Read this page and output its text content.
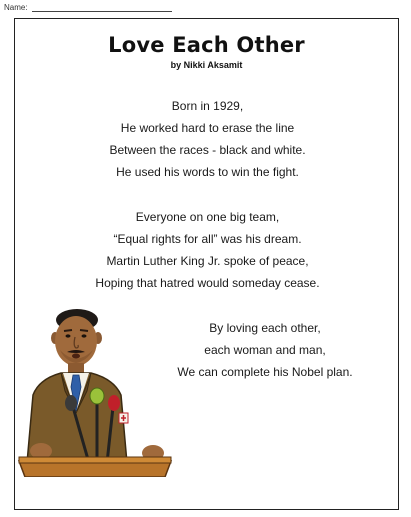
Name:
Love Each Other
by Nikki Aksamit
Born in 1929,
He worked hard to erase the line
Between the races - black and white.
He used his words to win the fight.
Everyone on one big team,
“Equal rights for all” was his dream.
Martin Luther King Jr. spoke of peace,
Hoping that hatred would someday cease.
By loving each other,
each woman and man,
We can complete his Nobel plan.
